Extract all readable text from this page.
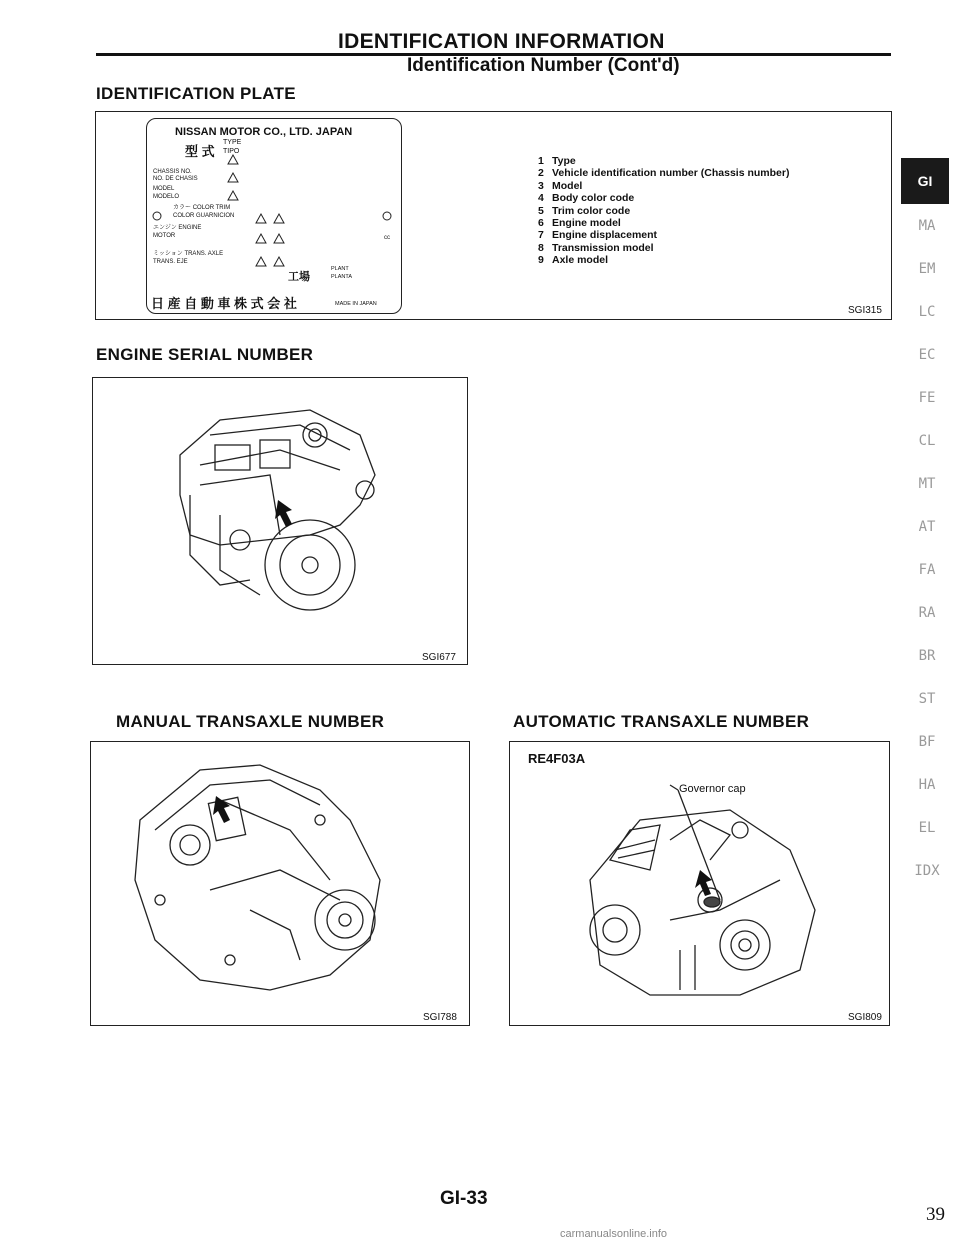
IDENTIFICATION INFORMATION
Identification Number (Cont'd)
IDENTIFICATION PLATE
NISSAN MOTOR CO., LTD. JAPAN
型 式
TYPE
TIPO
CHASSIS NO.
NO. DE CHASIS
MODEL
MODELO
カラー COLOR TRIM
COLOR GUARNICION
エンジン ENGINE
MOTOR	cc
ミッション TRANS. AXLE
TRANS. EJE
工場
PLANT
PLANTA
日 産 自 動 車 株 式 会 社	MADE IN JAPAN
1 Type
2 Vehicle identification number (Chassis number)
3 Model
4 Body color code
5 Trim color code
6 Engine model
7 Engine displacement
8 Transmission model
9 Axle model
SGI315
ENGINE SERIAL NUMBER
SGI677
MANUAL TRANSAXLE NUMBER
SGI788
AUTOMATIC TRANSAXLE NUMBER
RE4F03A
Governor cap
SGI809
GI
MA
EM
LC
EC
FE
CL
MT
AT
FA
RA
BR
ST
BF
HA
EL
IDX
GI-33
39
carmanualsonline.info
